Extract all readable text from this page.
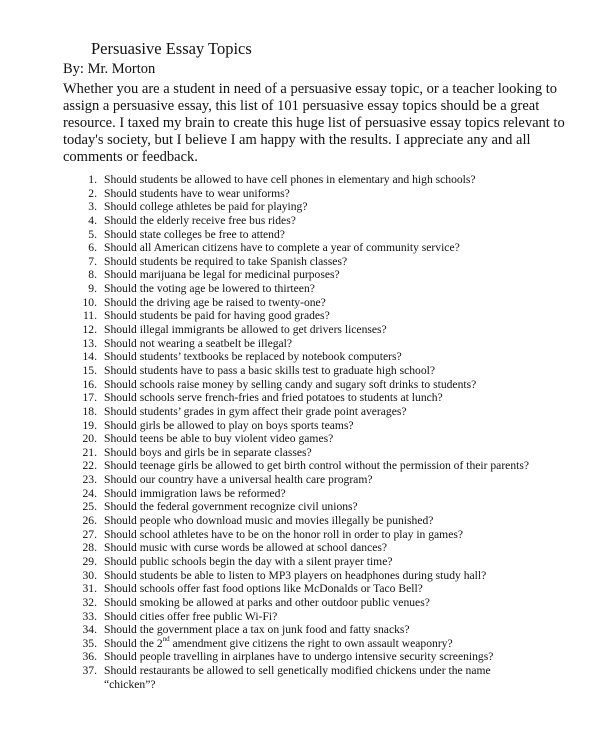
Persuasive Essay Topics
By: Mr. Morton
Whether you are a student in need of a persuasive essay topic, or a teacher looking to
assign a persuasive essay, this list of 101 persuasive essay topics should be a great
resource. I taxed my brain to create this huge list of persuasive essay topics relevant to
today's society, but I believe I am happy with the results. I appreciate any and all
comments or feedback.
1. Should students be allowed to have cell phones in elementary and high schools?
2. Should students have to wear uniforms?
3. Should college athletes be paid for playing?
4. Should the elderly receive free bus rides?
5. Should state colleges be free to attend?
6. Should all American citizens have to complete a year of community service?
7. Should students be required to take Spanish classes?
8. Should marijuana be legal for medicinal purposes?
9. Should the voting age be lowered to thirteen?
10. Should the driving age be raised to twenty-one?
11. Should students be paid for having good grades?
12. Should illegal immigrants be allowed to get drivers licenses?
13. Should not wearing a seatbelt be illegal?
14. Should students’ textbooks be replaced by notebook computers?
15. Should students have to pass a basic skills test to graduate high school?
16. Should schools raise money by selling candy and sugary soft drinks to students?
17. Should schools serve french-fries and fried potatoes to students at lunch?
18. Should students’ grades in gym affect their grade point averages?
19. Should girls be allowed to play on boys sports teams?
20. Should teens be able to buy violent video games?
21. Should boys and girls be in separate classes?
22. Should teenage girls be allowed to get birth control without the permission of their parents?
23. Should our country have a universal health care program?
24. Should immigration laws be reformed?
25. Should the federal government recognize civil unions?
26. Should people who download music and movies illegally be punished?
27. Should school athletes have to be on the honor roll in order to play in games?
28. Should music with curse words be allowed at school dances?
29. Should public schools begin the day with a silent prayer time?
30. Should students be able to listen to MP3 players on headphones during study hall?
31. Should schools offer fast food options like McDonalds or Taco Bell?
32. Should smoking be allowed at parks and other outdoor public venues?
33. Should cities offer free public Wi-Fi?
34. Should the government place a tax on junk food and fatty snacks?
35. Should the 2nd amendment give citizens the right to own assault weaponry?
36. Should people travelling in airplanes have to undergo intensive security screenings?
37. Should restaurants be allowed to sell genetically modified chickens under the name
“chicken”?
